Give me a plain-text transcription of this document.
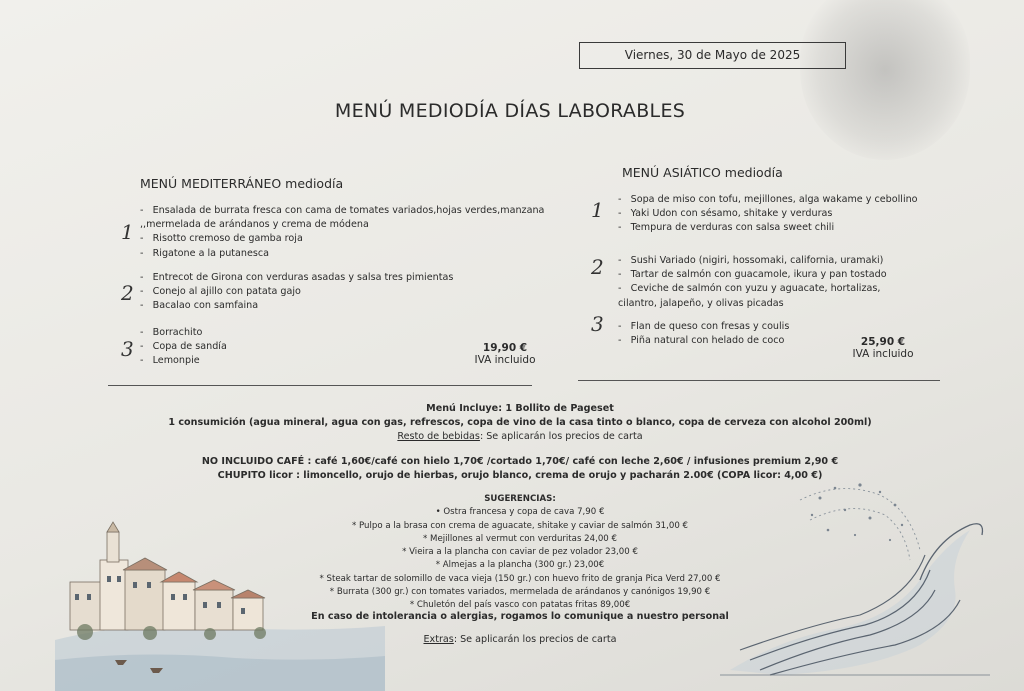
Viernes, 30 de Mayo de 2025
MENÚ MEDIODÍA DÍAS LABORABLES
MENÚ MEDITERRÁNEO mediodía
1
-   Ensalada de burrata fresca con cama de tomates variados,hojas verdes,manzana ,,mermelada de arándanos y crema de módena
-   Risotto cremoso de gamba roja
-   Rigatone a la putanesca
2
-   Entrecot de Girona con verduras asadas y salsa tres pimientas
-   Conejo al ajillo con patata gajo
-   Bacalao con samfaina
3
-   Borrachito
-   Copa de sandía
-   Lemonpie
19,90 €
IVA incluido
MENÚ ASIÁTICO mediodía
1 -   Sopa de miso con tofu, mejillones, alga wakame y cebollino
-   Yaki Udon con sésamo, shitake y verduras
-   Tempura de verduras con salsa sweet chili
2 -   Sushi Variado (nigiri, hossomaki, california, uramaki)
-   Tartar de salmón con guacamole, ikura y pan tostado
-   Ceviche de salmón con yuzu y aguacate, hortalizas, cilantro, jalapeño, y olivas picadas
3 -   Flan de queso con fresas y coulis
-   Piña natural con helado de coco	25,90 €
IVA incluido
Menú Incluye: 1 Bollito de Pageset
1 consumición (agua mineral, agua con gas, refrescos, copa de vino de la casa tinto o blanco, copa de cerveza con alcohol 200ml)
Resto de bebidas: Se aplicarán los precios de carta
NO INCLUIDO CAFÉ : café 1,60€/café con hielo 1,70€ /cortado 1,70€/ café con leche 2,60€ / infusiones premium 2,90 €
CHUPITO licor : limoncello, orujo de hierbas, orujo blanco, crema de orujo y pacharán 2.00€ (COPA licor: 4,00 €)
SUGERENCIAS:
• Ostra francesa y copa de cava 7,90 €
* Pulpo a la brasa con crema de aguacate, shitake y caviar de salmón 31,00 €
* Mejillones al vermut con verduritas 24,00 €
* Vieira a la plancha con caviar de pez volador 23,00 €
* Almejas a la plancha (300 gr.) 23,00€
* Steak tartar de solomillo de vaca vieja (150 gr.) con huevo frito de granja Pica Verd 27,00 €
* Burrata (300 gr.) con tomates variados, mermelada de arándanos y canónigos 19,90 €
* Chuletón del país vasco con patatas fritas 89,00€
En caso de intolerancia o alergias, rogamos lo comunique a nuestro personal
Extras: Se aplicarán los precios de carta
